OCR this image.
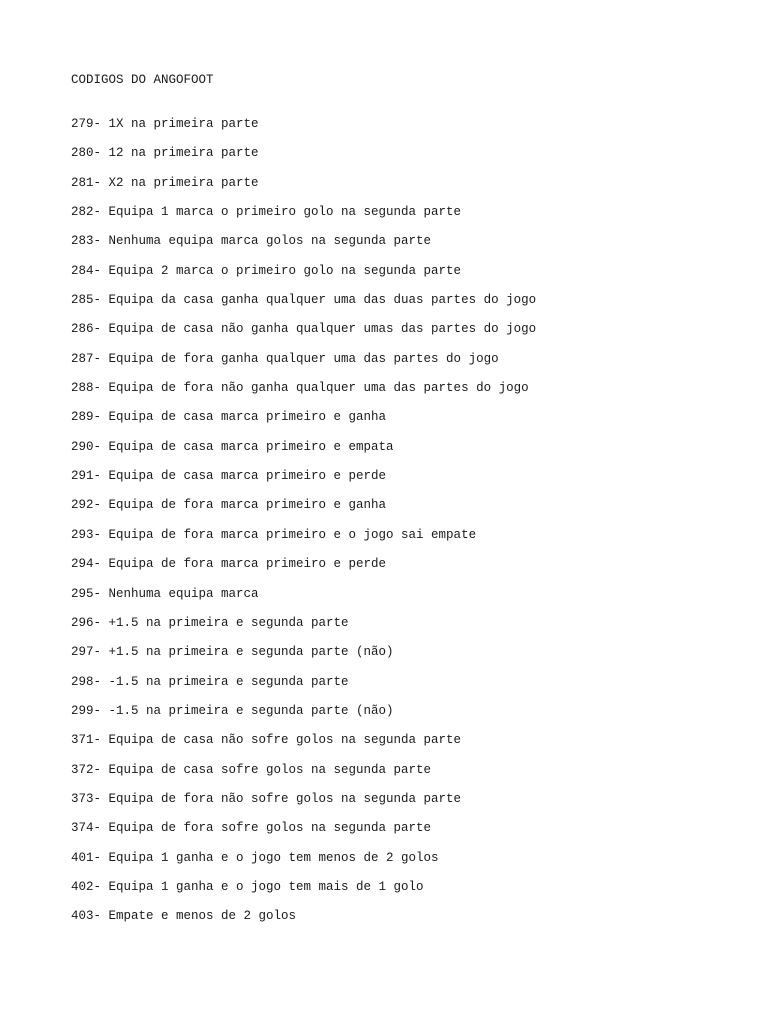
CODIGOS DO ANGOFOOT
279- 1X na primeira parte
280- 12 na primeira parte
281- X2 na primeira parte
282- Equipa 1 marca o primeiro golo na segunda parte
283- Nenhuma equipa marca golos na segunda parte
284- Equipa 2 marca o primeiro golo na segunda parte
285- Equipa da casa ganha qualquer uma das duas partes do jogo
286- Equipa de casa não ganha qualquer umas das partes do jogo
287- Equipa de fora ganha qualquer uma das partes do jogo
288- Equipa de fora não ganha qualquer uma das partes do jogo
289- Equipa de casa marca primeiro e ganha
290- Equipa de casa marca primeiro e empata
291- Equipa de casa marca primeiro e perde
292- Equipa de fora marca primeiro e ganha
293- Equipa de fora marca primeiro e o jogo sai empate
294- Equipa de fora marca primeiro e perde
295- Nenhuma equipa marca
296- +1.5 na primeira e segunda parte
297- +1.5 na primeira e segunda parte (não)
298- -1.5 na primeira e segunda parte
299- -1.5 na primeira e segunda parte (não)
371- Equipa de casa não sofre golos na segunda parte
372- Equipa de casa sofre golos na segunda parte
373- Equipa de fora não sofre golos na segunda parte
374- Equipa de fora sofre golos na segunda parte
401- Equipa 1 ganha e o jogo tem menos de 2 golos
402- Equipa 1 ganha e o jogo tem mais de 1 golo
403- Empate e menos de 2 golos
